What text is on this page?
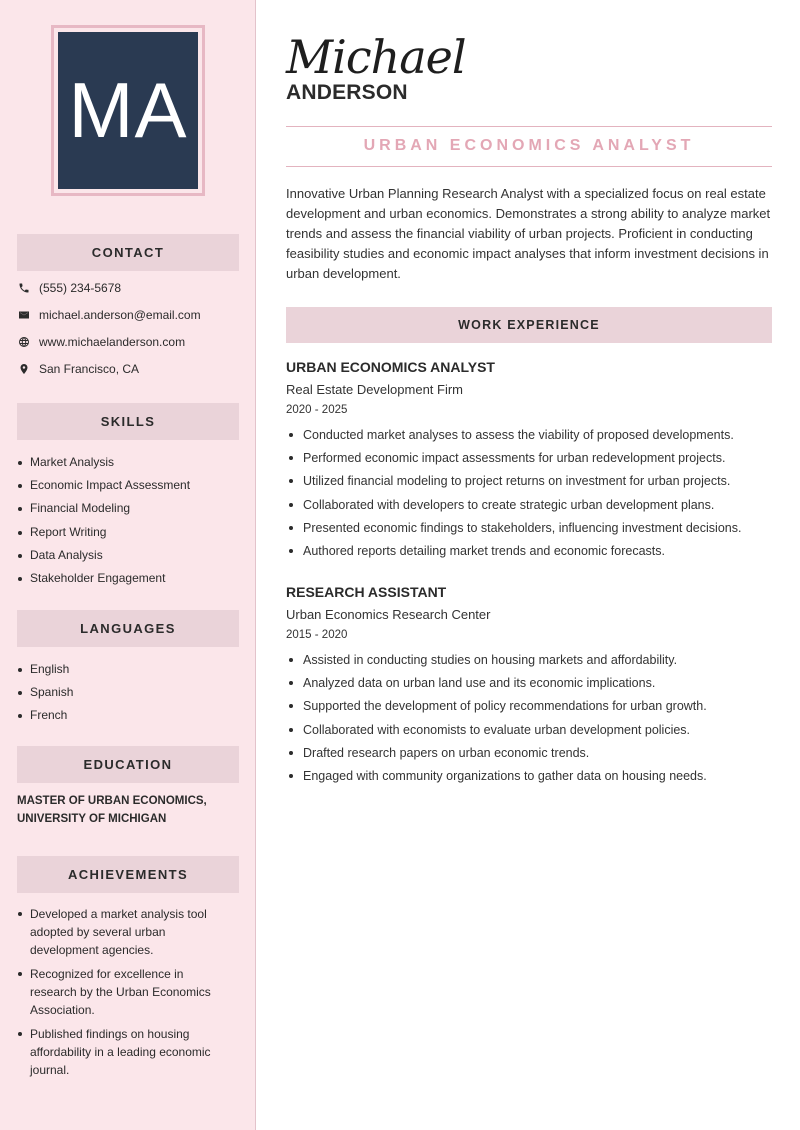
MA
CONTACT
(555) 234-5678
michael.anderson@email.com
www.michaelanderson.com
San Francisco, CA
SKILLS
Market Analysis
Economic Impact Assessment
Financial Modeling
Report Writing
Data Analysis
Stakeholder Engagement
LANGUAGES
English
Spanish
French
EDUCATION
MASTER OF URBAN ECONOMICS, UNIVERSITY OF MICHIGAN
ACHIEVEMENTS
Developed a market analysis tool adopted by several urban development agencies.
Recognized for excellence in research by the Urban Economics Association.
Published findings on housing affordability in a leading economic journal.
Michael
ANDERSON
URBAN ECONOMICS ANALYST

Innovative Urban Planning Research Analyst with a specialized focus on real estate development and urban economics. Demonstrates a strong ability to analyze market trends and assess the financial viability of urban projects. Proficient in conducting feasibility studies and economic impact analyses that inform investment decisions in urban development.

WORK EXPERIENCE
URBAN ECONOMICS ANALYST
Real Estate Development Firm
2020 - 2025
Conducted market analyses to assess the viability of proposed developments.
Performed economic impact assessments for urban redevelopment projects.
Utilized financial modeling to project returns on investment for urban projects.
Collaborated with developers to create strategic urban development plans.
Presented economic findings to stakeholders, influencing investment decisions.
Authored reports detailing market trends and economic forecasts.
RESEARCH ASSISTANT
Urban Economics Research Center
2015 - 2020
Assisted in conducting studies on housing markets and affordability.
Analyzed data on urban land use and its economic implications.
Supported the development of policy recommendations for urban growth.
Collaborated with economists to evaluate urban development policies.
Drafted research papers on urban economic trends.
Engaged with community organizations to gather data on housing needs.
